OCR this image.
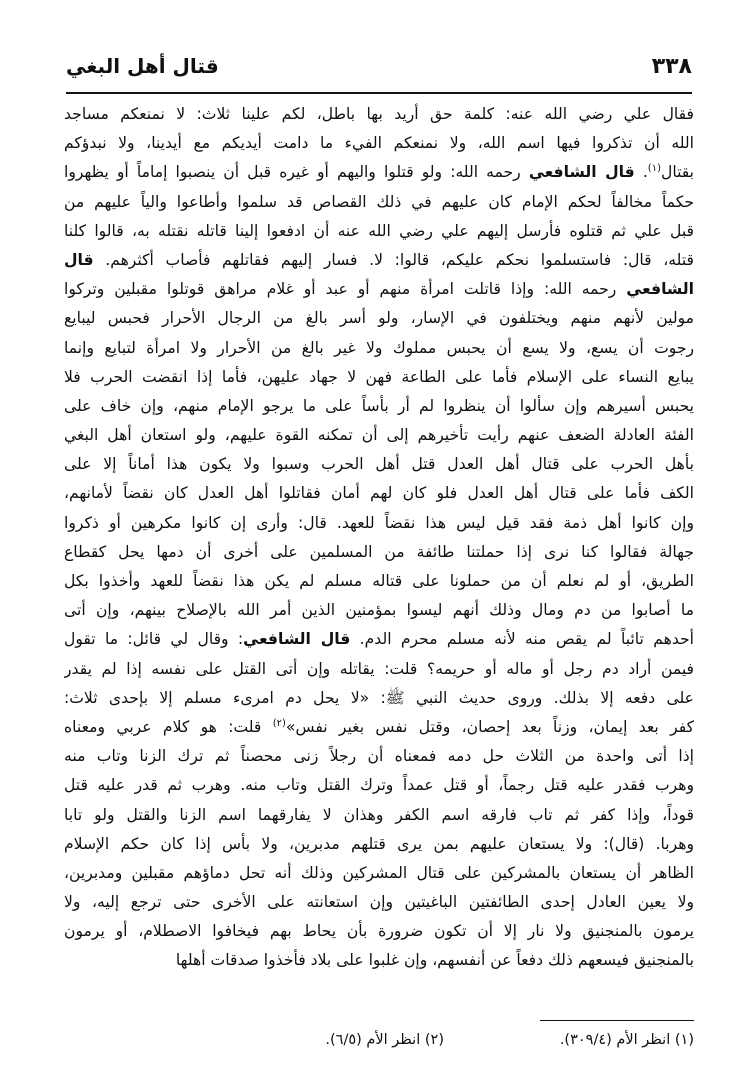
٣٣٨
قتال أهل البغي
فقال علي رضي الله عنه: كلمة حق أريد بها باطل، لكم علينا ثلاث: لا نمنعكم مساجد
الله أن تذكروا فيها اسم الله، ولا نمنعكم الفيء ما دامت أيديكم مع أيدينا، ولا نبدؤكم
بقتال$^{(١)}$. قال الشافعي رحمه الله: ولو قتلوا واليهم أو غيره قبل أن ينصبوا إماماً أو يظهروا
حكماً مخالفاً لحكم الإمام كان عليهم في ذلك القصاص قد سلموا وأطاعوا والياً عليهم من
قبل علي ثم قتلوه فأرسل إليهم علي رضي الله عنه أن ادفعوا إلينا قاتله نقتله به، قالوا كلنا
قتله، قال: فاستسلموا نحكم عليكم، قالوا: لا. فسار إليهم فقاتلهم فأصاب أكثرهم. قال
الشافعي رحمه الله: وإذا قاتلت امرأة منهم أو عبد أو غلام مراهق قوتلوا مقبلين وتركوا
مولين لأنهم منهم ويختلفون في الإسار، ولو أسر بالغ من الرجال الأحرار فحبس ليبايع
رجوت أن يسع، ولا يسع أن يحبس مملوك ولا غير بالغ من الأحرار ولا امرأة لتبايع وإنما
يبايع النساء على الإسلام فأما على الطاعة فهن لا جهاد عليهن، فأما إذا انقضت الحرب فلا
يحبس أسيرهم وإن سألوا أن ينظروا لم أر بأساً على ما يرجو الإمام منهم، وإن خاف على
الفئة العادلة الضعف عنهم رأيت تأخيرهم إلى أن تمكنه القوة عليهم، ولو استعان أهل البغي
بأهل الحرب على قتال أهل العدل قتل أهل الحرب وسبوا ولا يكون هذا أماناً إلا على
الكف فأما على قتال أهل العدل فلو كان لهم أمان فقاتلوا أهل العدل كان نقضاً لأمانهم،
وإن كانوا أهل ذمة فقد قيل ليس هذا نقضاً للعهد. قال: وأرى إن كانوا مكرهين أو ذكروا
جهالة فقالوا كنا نرى إذا حملتنا طائفة من المسلمين على أخرى أن دمها يحل كقطاع
الطريق، أو لم نعلم أن من حملونا على قتاله مسلم لم يكن هذا نقضاً للعهد وأخذوا بكل
ما أصابوا من دم ومال وذلك أنهم ليسوا بمؤمنين الذين أمر الله بالإصلاح بينهم، وإن أتى
أحدهم تائباً لم يقص منه لأنه مسلم محرم الدم. قال الشافعي: وقال لي قائل: ما تقول
فيمن أراد دم رجل أو ماله أو حريمه؟ قلت: يقاتله وإن أتى القتل على نفسه إذا لم يقدر
على دفعه إلا بذلك. وروى حديث النبي ﷺ: «لا يحل دم امرىء مسلم إلا بإحدى ثلاث:
كفر بعد إيمان، وزناً بعد إحصان، وقتل نفس بغير نفس»$^{(٢)}$ قلت: هو كلام عربي ومعناه
إذا أتى واحدة من الثلاث حل دمه فمعناه أن رجلاً زنى محصناً ثم ترك الزنا وتاب منه
وهرب فقدر عليه قتل رجماً، أو قتل عمداً وترك القتل وتاب منه. وهرب ثم قدر عليه قتل
قوداً، وإذا كفر ثم تاب فارقه اسم الكفر وهذان لا يفارقهما اسم الزنا والقتل ولو تابا
وهربا. (قال): ولا يستعان عليهم بمن يرى قتلهم مدبرين، ولا بأس إذا كان حكم الإسلام
الظاهر أن يستعان بالمشركين على قتال المشركين وذلك أنه تحل دماؤهم مقبلين ومدبرين،
ولا يعين العادل إحدى الطائفتين الباغيتين وإن استعانته على الأخرى حتى ترجع إليه، ولا
يرمون بالمنجنيق ولا نار إلا أن تكون ضرورة بأن يحاط بهم فيخافوا الاصطلام، أو يرمون
بالمنجنيق فيسعهم ذلك دفعاً عن أنفسهم، وإن غلبوا على بلاد فأخذوا صدقات أهلها
(١) انظر الأم (٣٠٩/٤).
(٢) انظر الأم (٦/٥).
